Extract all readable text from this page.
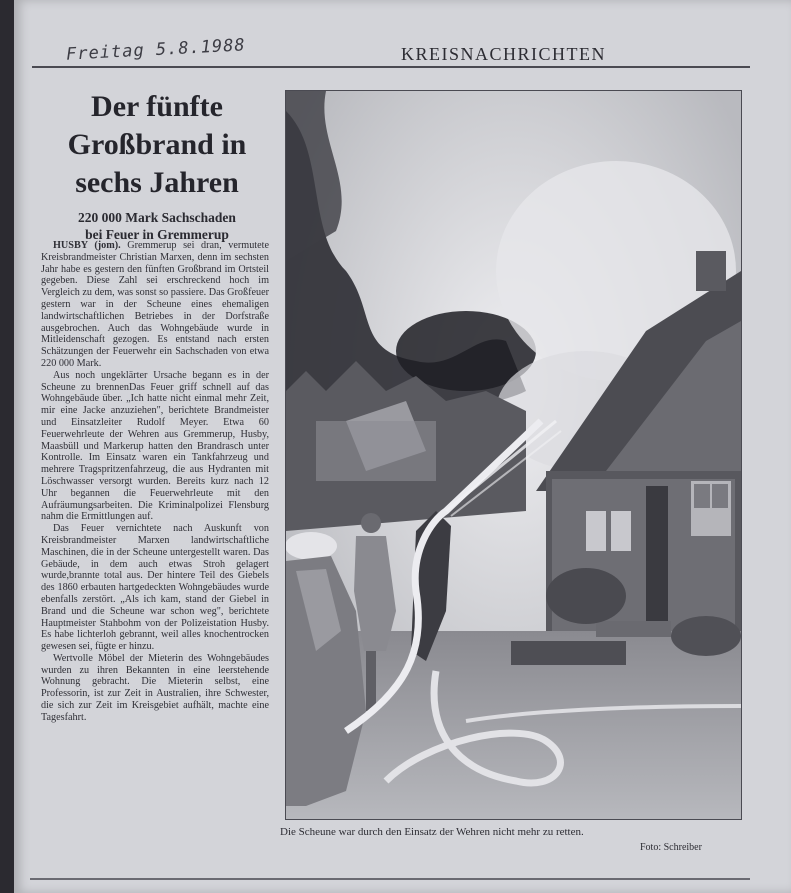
Freitag 5.8.1988	KREISNACHRICHTEN
Der fünfte
Großbrand in
sechs Jahren
220 000 Mark Sachschaden
bei Feuer in Gremmerup

HUSBY (jom). Gremmerup sei dran, vermutete Kreisbrandmeister Christian Marxen, denn im sechsten Jahr habe es gestern den fünften Großbrand im Ortsteil gegeben. Diese Zahl sei erschreckend hoch im Vergleich zu dem, was sonst so passiere. Das Großfeuer gestern war in der Scheune eines ehemaligen landwirtschaftlichen Betriebes in der Dorfstraße ausgebrochen. Auch das Wohngebäude wurde in Mitleidenschaft gezogen. Es entstand nach ersten Schätzungen der Feuerwehr ein Sachschaden von etwa 220 000 Mark.

Aus noch ungeklärter Ursache begann es in der Scheune zu brennenDas Feuer griff schnell auf das Wohngebäude über. „Ich hatte nicht einmal mehr Zeit, mir eine Jacke anzuziehen", berichtete Brandmeister und Einsatzleiter Rudolf Meyer. Etwa 60 Feuerwehrleute der Wehren aus Gremmerup, Husby, Maasbüll und Markerup hatten den Brandrasch unter Kontrolle. Im Einsatz waren ein Tankfahrzeug und mehrere Tragspritzenfahrzeug, die aus Hydranten mit Löschwasser versorgt wurden. Bereits kurz nach 12 Uhr begannen die Feuerwehrleute mit den Aufräumungsarbeiten. Die Kriminalpolizei Flensburg nahm die Ermittlungen auf.

Das Feuer vernichtete nach Auskunft von Kreisbrandmeister Marxen landwirtschaftliche Maschinen, die in der Scheune untergestellt waren. Das Gebäude, in dem auch etwas Stroh gelagert wurde,brannte total aus. Der hintere Teil des Giebels des 1860 erbauten hartgedeckten Wohngebäudes wurde ebenfalls zerstört. „Als ich kam, stand der Giebel in Brand und die Scheune war schon weg", berichtete Hauptmeister Stahbohm von der Polizeistation Husby. Es habe lichterloh gebrannt, weil alles knochentrocken gewesen sei, fügte er hinzu.

Wertvolle Möbel der Mieterin des Wohngebäudes wurden zu ihren Bekannten in eine leerstehende Wohnung gebracht. Die Mieterin selbst, eine Professorin, ist zur Zeit in Australien, ihre Schwester, die sich zur Zeit im Kreisgebiet aufhält, machte eine Tagesfahrt.

Die Scheune war durch den Einsatz der Wehren nicht mehr zu retten.
Foto: Schreiber
